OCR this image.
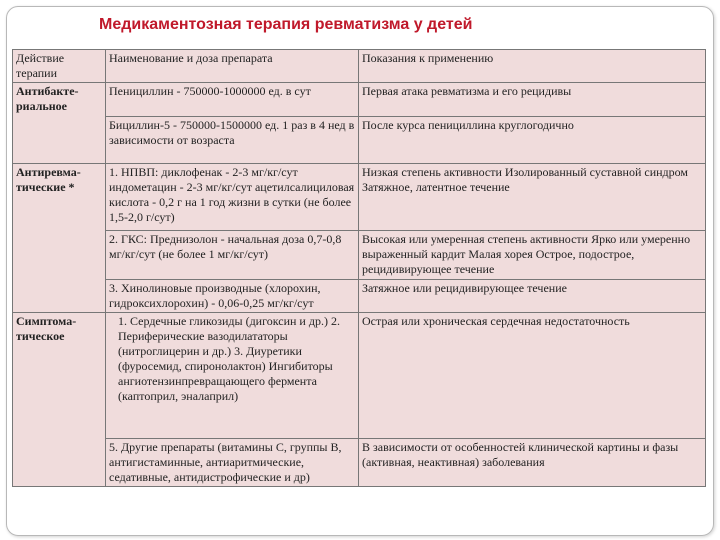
Медикаментозная терапия ревматизма у детей
Действие терапии	Наименование и доза препарата	Показания к применению
Антибакте-риальное	Пенициллин - 750000-1000000 ед. в сут	Первая атака ревматизма и его рецидивы
	Бициллин-5 - 750000-1500000 ед. 1 раз в 4 нед в зависимости от возраста	После курса пенициллина круглогодично
Антиревма-тические *	1. НПВП: диклофенак - 2-3 мг/кг/сут индометацин - 2-3 мг/кг/сут ацетилсалициловая кислота - 0,2 г на 1 год жизни в сутки (не более 1,5-2,0 г/сут)	Низкая степень активности Изолированный суставной синдром Затяжное, латентное течение
	2. ГКС: Преднизолон - начальная доза 0,7-0,8 мг/кг/сут (не более 1 мг/кг/сут)	Высокая или умеренная степень активности Ярко или умеренно выраженный кардит Малая хорея Острое, подострое, рецидивирующее течение
	3. Хинолиновые производные (хлорохин, гидроксихлорохин) - 0,06-0,25 мг/кг/сут	Затяжное или рецидивирующее течение
Симптома-тическое	1. Сердечные гликозиды (дигоксин и др.) 2. Периферические вазодилататоры (нитроглицерин и др.) 3. Диуретики (фуросемид, спиронолактон) Ингибиторы ангиотензинпревращающего фермента (каптоприл, эналаприл)	Острая или хроническая сердечная недостаточность
	5. Другие препараты (витамины С, группы В, антигистаминные, антиаритмические, седативные, антидистрофические и др)	В зависимости от особенностей клинической картины и фазы (активная, неактивная) заболевания
